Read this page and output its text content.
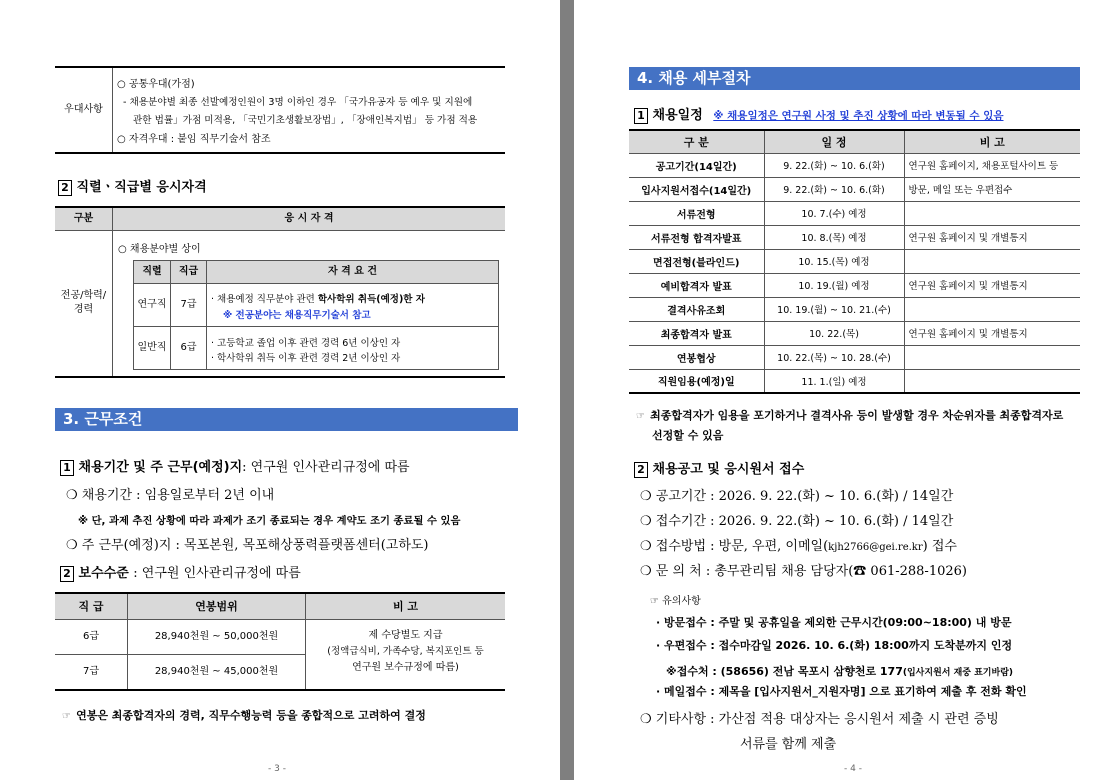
우대사항
○ 공통우대(가점)
- 채용분야별 최종 선발예정인원이 3명 이하인 경우 「국가유공자 등 예우 및 지원에
관한 법률」가점 미적용, 「국민기초생활보장법」, 「장애인복지법」 등 가점 적용
○ 자격우대 : 붙임 직무기술서 참조
2 직렬ㆍ직급별 응시자격
구분	응 시 자 격
전공/학력/
경력
○ 채용분야별 상이
직렬	직급	자 격 요 건
연구직	7급	· 채용예정 직무분야 관련 학사학위 취득(예정)한 자
※ 전공분야는 채용직무기술서 참고
일반직	6급	· 고등학교 졸업 이후 관련 경력 6년 이상인 자
· 학사학위 취득 이후 관련 경력 2년 이상인 자
3. 근무조건
1 채용기간 및 주 근무(예정)지: 연구원 인사관리규정에 따름
❍ 채용기간 : 임용일로부터 2년 이내
※ 단, 과제 추진 상황에 따라 과제가 조기 종료되는 경우 계약도 조기 종료될 수 있음
❍ 주 근무(예정)지 : 목포본원, 목포해상풍력플랫폼센터(고하도)
2 보수수준 : 연구원 인사관리규정에 따름
직 급	연봉범위	비 고
6급	28,940천원 ~ 50,000천원
7급	28,940천원 ~ 45,000천원
제 수당별도 지급
(정액급식비, 가족수당, 복지포인트 등
연구원 보수규정에 따름)
☞ 연봉은 최종합격자의 경력, 직무수행능력 등을 종합적으로 고려하여 결정
- 3 -
4. 채용 세부절차
1 채용일정 ※ 채용일정은 연구원 사정 및 추진 상황에 따라 변동될 수 있음
구 분	일 정	비 고
공고기간(14일간)	9. 22.(화) ~ 10. 6.(화)	연구원 홈페이지, 채용포털사이트 등
입사지원서접수(14일간)	9. 22.(화) ~ 10. 6.(화)	방문, 메일 또는 우편접수
서류전형	10. 7.(수) 예정	
서류전형 합격자발표	10. 8.(목) 예정	연구원 홈페이지 및 개별통지
면접전형(블라인드)	10. 15.(목) 예정	
예비합격자 발표	10. 19.(월) 예정	연구원 홈페이지 및 개별통지
결격사유조회	10. 19.(월) ~ 10. 21.(수)	
최종합격자 발표	10. 22.(목)	연구원 홈페이지 및 개별통지
연봉협상	10. 22.(목) ~ 10. 28.(수)	
직원임용(예정)일	11. 1.(일) 예정	
☞ 최종합격자가 임용을 포기하거나 결격사유 등이 발생할 경우 차순위자를 최종합격자로
선정할 수 있음
2 채용공고 및 응시원서 접수
❍ 공고기간 : 2026. 9. 22.(화) ~ 10. 6.(화) / 14일간
❍ 접수기간 : 2026. 9. 22.(화) ~ 10. 6.(화) / 14일간
❍ 접수방법 : 방문, 우편, 이메일(kjh2766@gei.re.kr) 접수
❍ 문 의 처 : 총무관리팀 채용 담당자(☎ 061-288-1026)
☞ 유의사항
· 방문접수 : 주말 및 공휴일을 제외한 근무시간(09:00~18:00) 내 방문
· 우편접수 : 접수마감일 2026. 10. 6.(화) 18:00까지 도착분까지 인정
※접수처 : (58656) 전남 목포시 삼향천로 177(입사지원서 재중 표기바람)
· 메일접수 : 제목을 [입사지원서_지원자명] 으로 표기하여 제출 후 전화 확인
❍ 기타사항 : 가산점 적용 대상자는 응시원서 제출 시 관련 증빙
서류를 함께 제출
- 4 -
